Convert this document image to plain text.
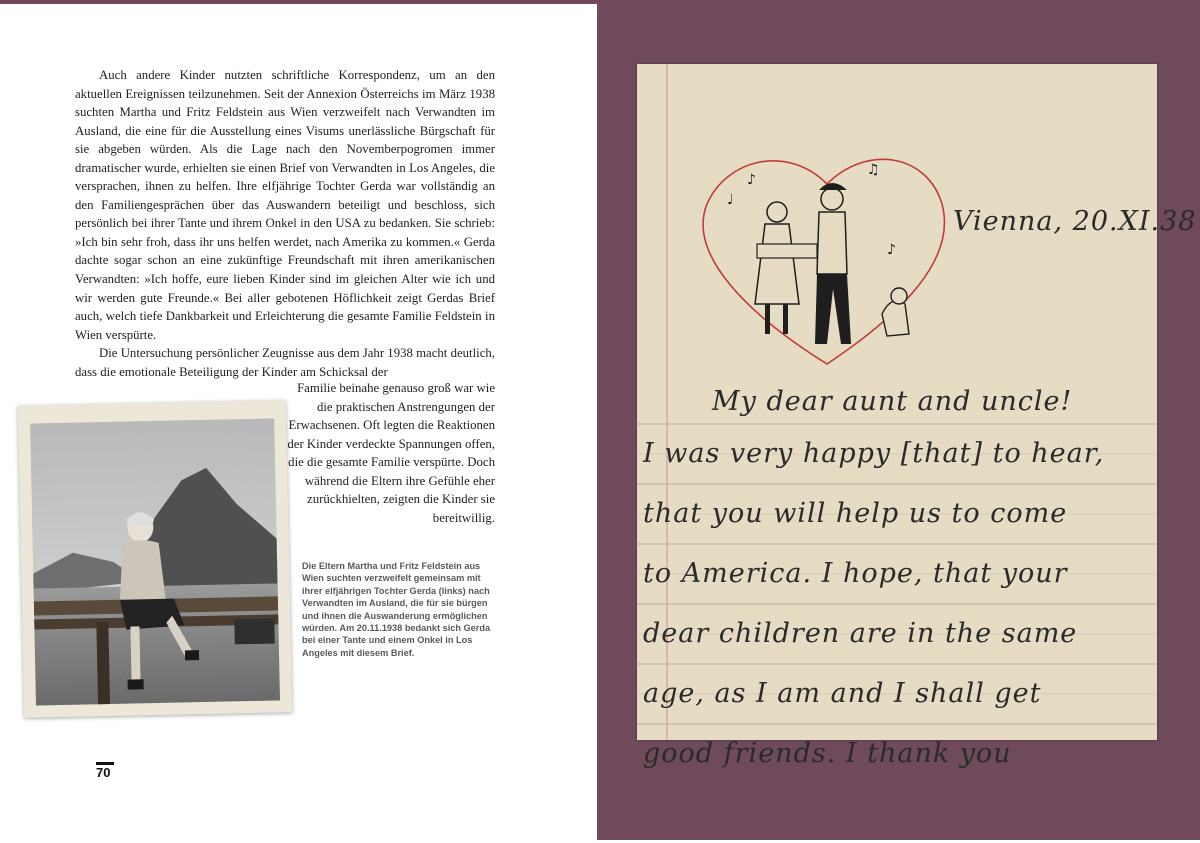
Auch andere Kinder nutzten schriftliche Korrespondenz, um an den aktuellen Ereignissen teilzunehmen. Seit der Annexion Österreichs im März 1938 suchten Martha und Fritz Feldstein aus Wien verzweifelt nach Verwandten im Ausland, die eine für die Ausstellung eines Visums unerlässliche Bürgschaft für sie abgeben würden. Als die Lage nach den Novemberpogromen immer dramatischer wurde, erhielten sie einen Brief von Verwandten in Los Angeles, die versprachen, ihnen zu helfen. Ihre elfjährige Tochter Gerda war vollständig an den Familiengesprächen über das Auswandern beteiligt und beschloss, sich persönlich bei ihrer Tante und ihrem Onkel in den USA zu bedanken. Sie schrieb: »Ich bin sehr froh, dass ihr uns helfen werdet, nach Amerika zu kommen.« Gerda dachte sogar schon an eine zukünftige Freundschaft mit ihren amerikanischen Verwandten: »Ich hoffe, eure lieben Kinder sind im gleichen Alter wie ich und wir werden gute Freunde.« Bei aller gebotenen Höflichkeit zeigt Gerdas Brief auch, welch tiefe Dankbarkeit und Erleichterung die gesamte Familie Feldstein in Wien verspürte.

Die Untersuchung persönlicher Zeugnisse aus dem Jahr 1938 macht deutlich, dass die emotionale Beteiligung der Kinder am Schicksal der

Familie beinahe genauso groß war wie die praktischen Anstrengungen der Erwachsenen. Oft legten die Reaktionen der Kinder verdeckte Spannungen offen, die die gesamte Familie verspürte. Doch während die Eltern ihre Gefühle eher zurückhielten, zeigten die Kinder sie bereitwillig.
Die Eltern Martha und Fritz Feldstein aus Wien suchten verzweifelt gemeinsam mit ihrer elfjährigen Tochter Gerda (links) nach Verwandten im Ausland, die für sie bürgen und ihnen die Auswanderung ermöglichen würden. Am 20.11.1938 bedankt sich Gerda bei einer Tante und einem Onkel in Los Angeles mit diesem Brief.
70
♪
♫
♪
♩
Vienna, 20.XI.38
My dear aunt and uncle!
I was very happy [that] to hear,
that you will help us to come
to America. I hope, that your
dear children are in the same
age, as I am and I shall get
good friends. I thank you
